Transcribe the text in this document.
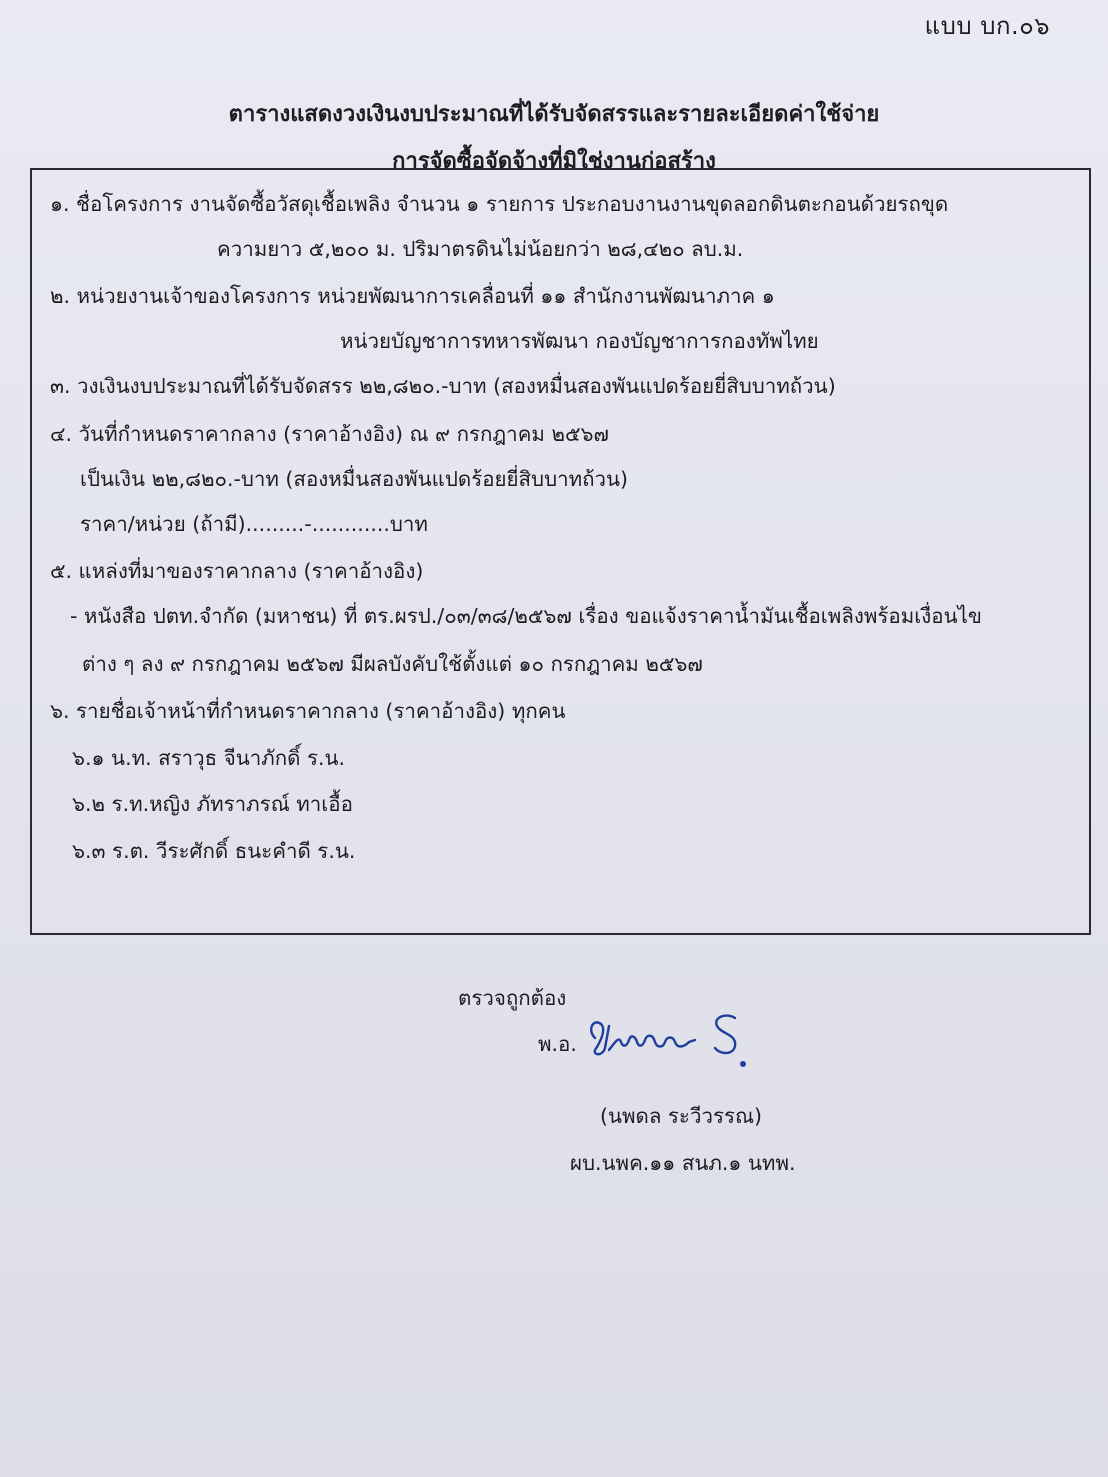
แบบ บก.๐๖
ตารางแสดงวงเงินงบประมาณที่ได้รับจัดสรรและรายละเอียดค่าใช้จ่าย
การจัดซื้อจัดจ้างที่มิใช่งานก่อสร้าง
๑. ชื่อโครงการ งานจัดซื้อวัสดุเชื้อเพลิง จำนวน ๑ รายการ ประกอบงานงานขุดลอกดินตะกอนด้วยรถขุด
ความยาว ๕,๒๐๐ ม. ปริมาตรดินไม่น้อยกว่า ๒๘,๔๒๐ ลบ.ม.
๒. หน่วยงานเจ้าของโครงการ หน่วยพัฒนาการเคลื่อนที่ ๑๑ สำนักงานพัฒนาภาค ๑
หน่วยบัญชาการทหารพัฒนา กองบัญชาการกองทัพไทย
๓. วงเงินงบประมาณที่ได้รับจัดสรร ๒๒,๘๒๐.-บาท (สองหมื่นสองพันแปดร้อยยี่สิบบาทถ้วน)
๔. วันที่กำหนดราคากลาง (ราคาอ้างอิง) ณ ๙ กรกฎาคม ๒๕๖๗
เป็นเงิน ๒๒,๘๒๐.-บาท (สองหมื่นสองพันแปดร้อยยี่สิบบาทถ้วน)
ราคา/หน่วย (ถ้ามี).........-............บาท
๕. แหล่งที่มาของราคากลาง (ราคาอ้างอิง)
- หนังสือ ปตท.จำกัด (มหาชน) ที่ ตร.ผรป./๐๓/๓๘/๒๕๖๗ เรื่อง ขอแจ้งราคาน้ำมันเชื้อเพลิงพร้อมเงื่อนไข
ต่าง ๆ ลง ๙ กรกฎาคม ๒๕๖๗ มีผลบังคับใช้ตั้งแต่ ๑๐ กรกฎาคม ๒๕๖๗
๖. รายชื่อเจ้าหน้าที่กำหนดราคากลาง (ราคาอ้างอิง) ทุกคน
๖.๑ น.ท. สราวุธ จีนาภักดิ์ ร.น.
๖.๒ ร.ท.หญิง ภัทราภรณ์ ทาเอื้อ
๖.๓ ร.ต. วีระศักดิ์ ธนะคำดี ร.น.
ตรวจถูกต้อง
พ.อ.
(นพดล ระวีวรรณ)
ผบ.นพค.๑๑ สนภ.๑ นทพ.
